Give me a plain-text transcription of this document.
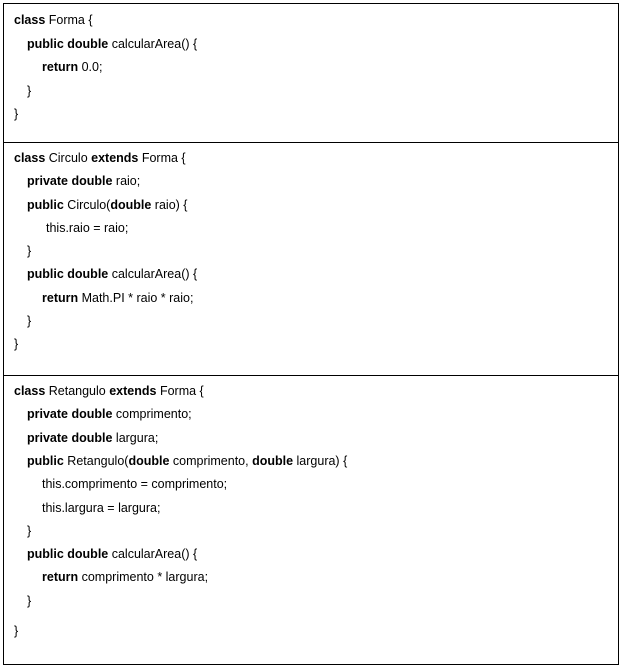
class Forma {
public double calcularArea() {
return 0.0;
}
}
class Circulo extends Forma {
private double raio;
public Circulo(double raio) {
this.raio = raio;
}
public double calcularArea() {
return Math.PI * raio * raio;
}
}
class Retangulo extends Forma {
private double comprimento;
private double largura;
public Retangulo(double comprimento, double largura) {
this.comprimento = comprimento;
this.largura = largura;
}
public double calcularArea() {
return comprimento * largura;
}
}
